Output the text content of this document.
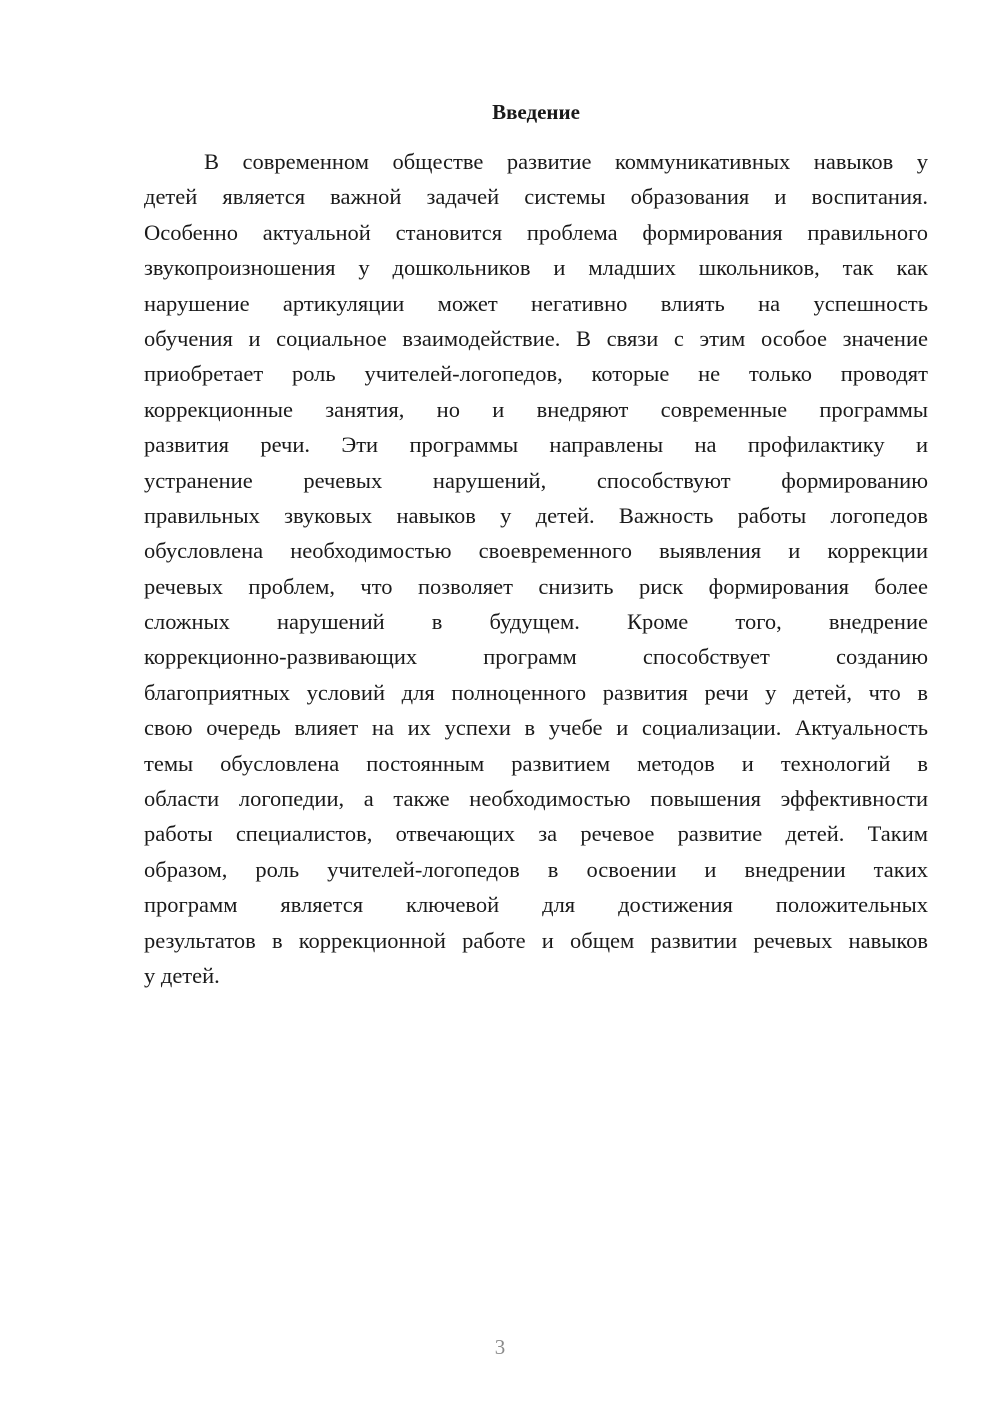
Введение
В современном обществе развитие коммуникативных навыков у
детей является важной задачей системы образования и воспитания.
Особенно актуальной становится проблема формирования правильного
звукопроизношения у дошкольников и младших школьников, так как
нарушение артикуляции может негативно влиять на успешность
обучения и социальное взаимодействие. В связи с этим особое значение
приобретает роль учителей-логопедов, которые не только проводят
коррекционные занятия, но и внедряют современные программы
развития речи. Эти программы направлены на профилактику и
устранение речевых нарушений, способствуют формированию
правильных звуковых навыков у детей. Важность работы логопедов
обусловлена необходимостью своевременного выявления и коррекции
речевых проблем, что позволяет снизить риск формирования более
сложных нарушений в будущем. Кроме того, внедрение
коррекционно-развивающих программ способствует созданию
благоприятных условий для полноценного развития речи у детей, что в
свою очередь влияет на их успехи в учебе и социализации. Актуальность
темы обусловлена постоянным развитием методов и технологий в
области логопедии, а также необходимостью повышения эффективности
работы специалистов, отвечающих за речевое развитие детей. Таким
образом, роль учителей-логопедов в освоении и внедрении таких
программ является ключевой для достижения положительных
результатов в коррекционной работе и общем развитии речевых навыков
у детей.
3
